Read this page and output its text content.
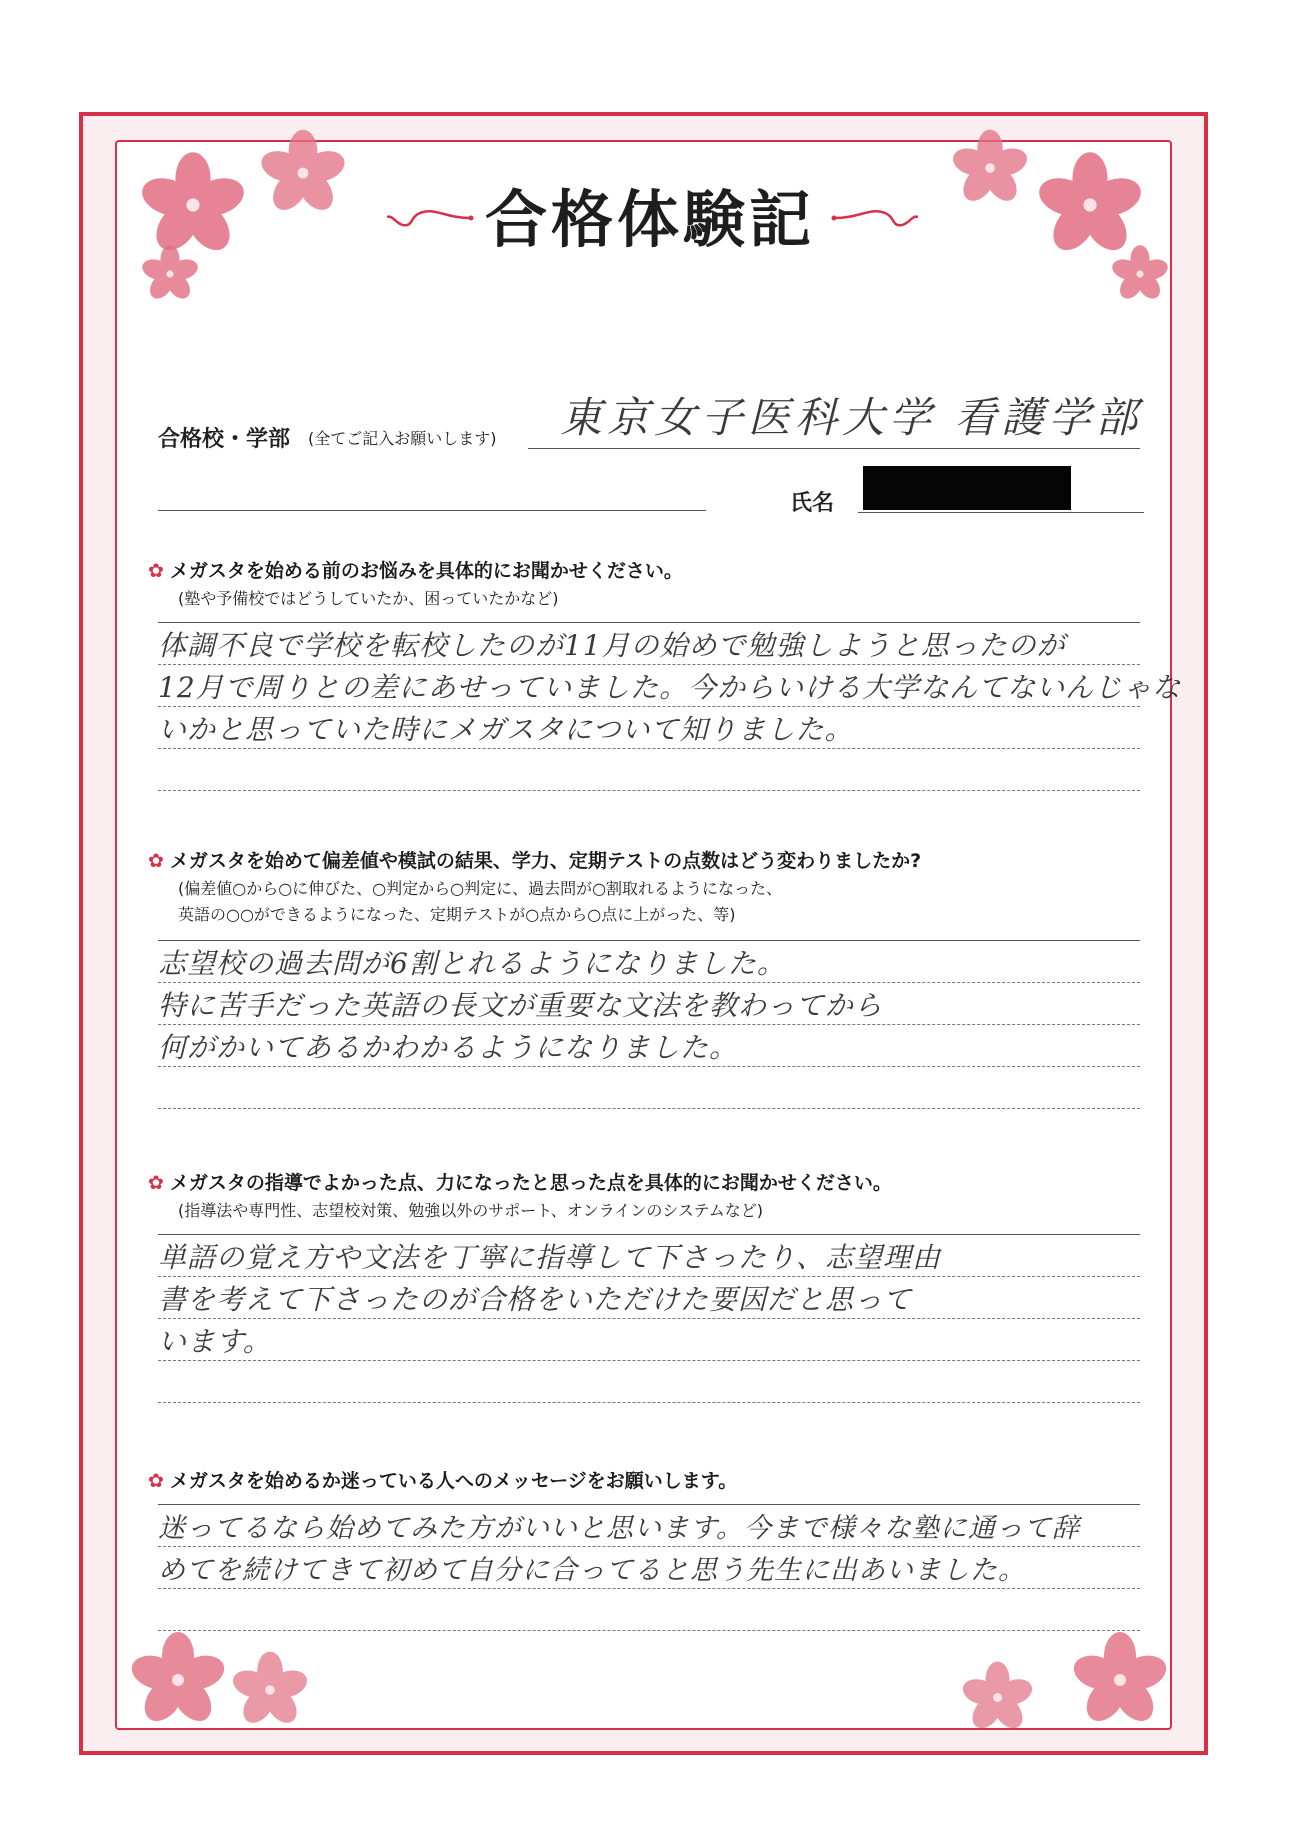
合格体験記
合格校・学部 (全てご記入お願いします) 東京女子医科大学 看護学部
氏名
✿ メガスタを始める前のお悩みを具体的にお聞かせください。
(塾や予備校ではどうしていたか、困っていたかなど)
体調不良で学校を転校したのが11月の始めで勉強しようと思ったのが
12月で周りとの差にあせっていました。今からいける大学なんてないんじゃな
いかと思っていた時にメガスタについて知りました。
✿ メガスタを始めて偏差値や模試の結果、学力、定期テストの点数はどう変わりましたか?
(偏差値○から○に伸びた、○判定から○判定に、過去問が○割取れるようになった、
英語の○○ができるようになった、定期テストが○点から○点に上がった、等)
志望校の過去問が6割とれるようになりました。
特に苦手だった英語の長文が重要な文法を教わってから
何がかいてあるかわかるようになりました。
✿ メガスタの指導でよかった点、力になったと思った点を具体的にお聞かせください。
(指導法や専門性、志望校対策、勉強以外のサポート、オンラインのシステムなど)
単語の覚え方や文法を丁寧に指導して下さったり、志望理由
書を考えて下さったのが合格をいただけた要因だと思って
います。
✿ メガスタを始めるか迷っている人へのメッセージをお願いします。
迷ってるなら始めてみた方がいいと思います。今まで様々な塾に通って辞
めてを続けてきて初めて自分に合ってると思う先生に出あいました。
